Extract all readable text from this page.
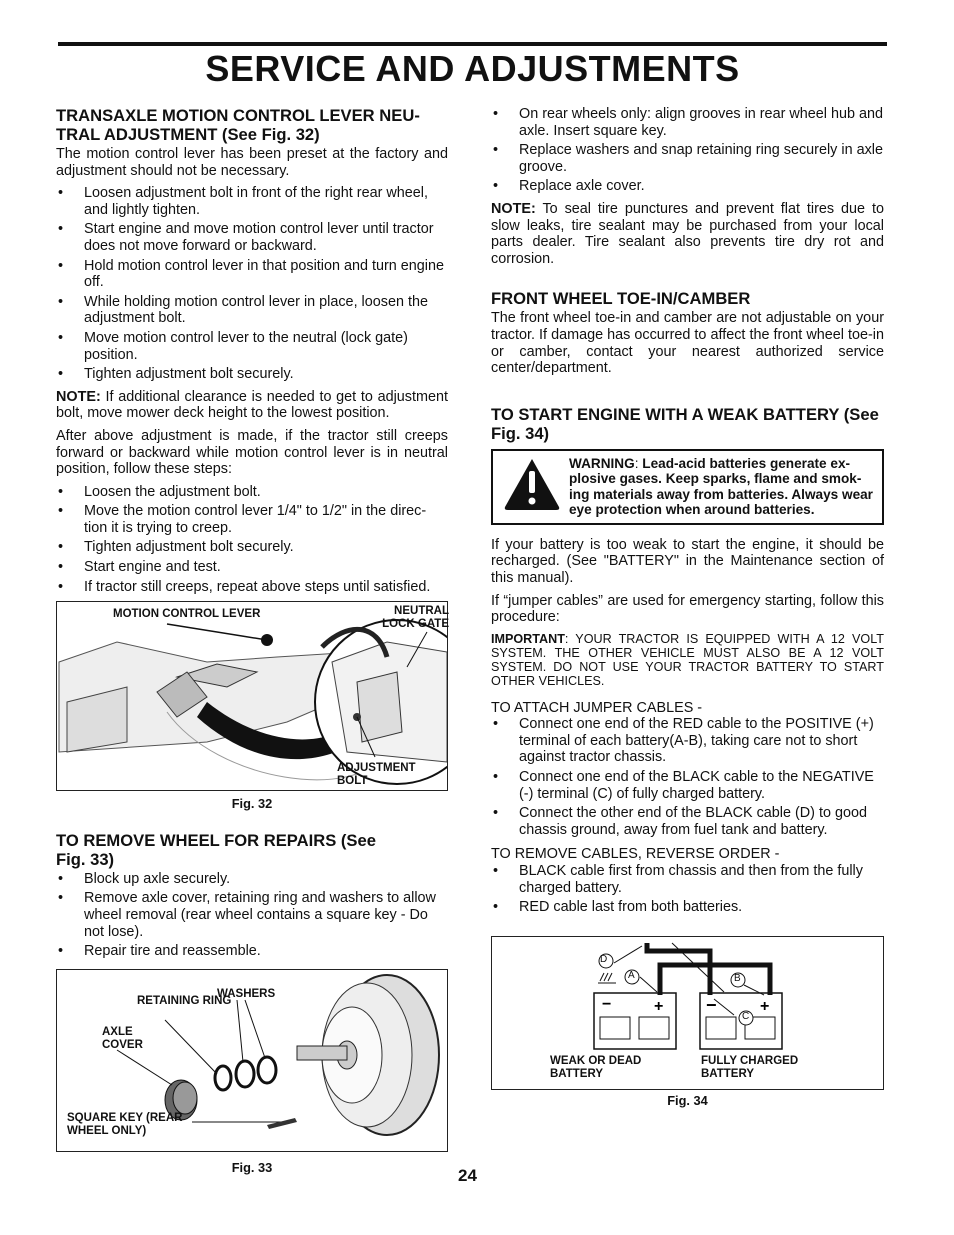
SERVICE AND ADJUSTMENTS
TRANSAXLE MOTION CONTROL LEVER NEU- TRAL ADJUSTMENT (See Fig. 32)

The motion control lever has been preset at the factory and adjustment should not be necessary.

• Loosen adjustment bolt in front of the right rear wheel, and lightly tighten.
• Start engine and move motion control lever until tractor does not move forward or backward.
• Hold motion control lever in that position and turn engine off.
• While holding motion control lever in place, loosen the adjustment bolt.
• Move motion control lever to the neutral (lock gate) position.
• Tighten adjustment bolt securely.

NOTE: If additional clearance is needed to get to adjustment bolt, move mower deck height to the lowest position.

After above adjustment is made, if the tractor still creeps forward or backward while motion control lever is in neutral position, follow these steps:

• Loosen the adjustment bolt.
• Move the motion control lever 1/4" to 1/2" in the direc- tion it is trying to creep.
• Tighten adjustment bolt securely.
• Start engine and test.
• If tractor still creeps, repeat above steps until satisfied.
MOTION CONTROL LEVER	NEUTRAL LOCK GATE
ADJUSTMENT BOLT
Fig. 32
TO REMOVE WHEEL FOR REPAIRS (See Fig. 33)
• Block up axle securely.
• Remove axle cover, retaining ring and washers to allow wheel removal (rear wheel contains a square key - Do not lose).
• Repair tire and reassemble.
RETAINING RING
WASHERS
AXLE COVER
SQUARE KEY (REAR WHEEL ONLY)
Fig. 33
• On rear wheels only: align grooves in rear wheel hub and axle. Insert square key.
• Replace washers and snap retaining ring securely in axle groove.
• Replace axle cover.

NOTE: To seal tire punctures and prevent flat tires due to slow leaks, tire sealant may be purchased from your local parts dealer. Tire sealant also prevents tire dry rot and corrosion.

FRONT WHEEL TOE-IN/CAMBER

The front wheel toe-in and camber are not adjustable on your tractor. If damage has occurred to affect the front wheel toe-in or camber, contact your nearest authorized service center/department.

TO START ENGINE WITH A WEAK BATTERY (See Fig. 34)
WARNING: Lead-acid batteries generate ex- plosive gases. Keep sparks, flame and smok- ing materials away from batteries. Always wear eye protection when around batteries.

If your battery is too weak to start the engine, it should be recharged. (See "BATTERY" in the Maintenance section of this manual).

If “jumper cables” are used for emergency starting, follow this procedure:

IMPORTANT: YOUR TRACTOR IS EQUIPPED WITH A 12 VOLT SYSTEM. THE OTHER VEHICLE MUST ALSO BE A 12 VOLT SYSTEM. DO NOT USE YOUR TRACTOR BATTERY TO START OTHER VEHICLES.

TO ATTACH JUMPER CABLES -
• Connect one end of the RED cable to the POSITIVE (+) terminal of each battery(A-B), taking care not to short against tractor chassis.
• Connect one end of the BLACK cable to the NEGATIVE (-) terminal (C) of fully charged battery.
• Connect the other end of the BLACK cable (D) to good chassis ground, away from fuel tank and battery.
TO REMOVE CABLES, REVERSE ORDER -
• BLACK cable first from chassis and then from the fully charged battery.
• RED cable last from both batteries.
−	+ −	+
D
A	B
C
WEAK OR DEAD BATTERY
FULLY CHARGED BATTERY
Fig. 34
24
